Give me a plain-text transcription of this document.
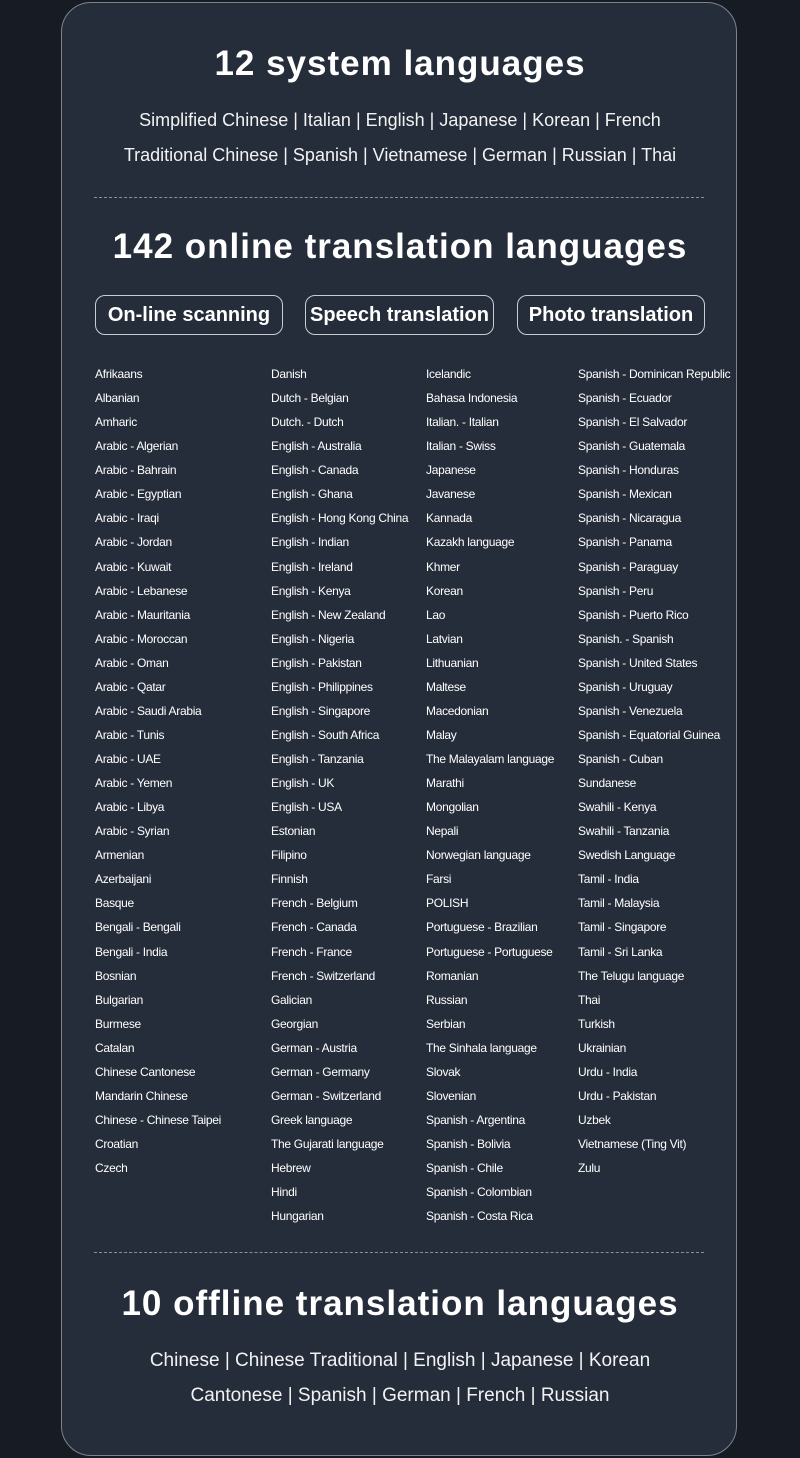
12 system languages
Simplified Chinese | Italian | English | Japanese | Korean | French
Traditional Chinese | Spanish | Vietnamese | German | Russian | Thai
142 online translation languages
On-line scanning	Speech translation	Photo translation
Afrikaans
Albanian
Amharic
Arabic - Algerian
Arabic - Bahrain
Arabic - Egyptian
Arabic - Iraqi
Arabic - Jordan
Arabic - Kuwait
Arabic - Lebanese
Arabic - Mauritania
Arabic - Moroccan
Arabic - Oman
Arabic - Qatar
Arabic - Saudi Arabia
Arabic - Tunis
Arabic - UAE
Arabic - Yemen
Arabic - Libya
Arabic - Syrian
Armenian
Azerbaijani
Basque
Bengali - Bengali
Bengali - India
Bosnian
Bulgarian
Burmese
Catalan
Chinese Cantonese
Mandarin Chinese
Chinese - Chinese Taipei
Croatian
Czech
Danish
Dutch - Belgian
Dutch. - Dutch
English - Australia
English - Canada
English - Ghana
English - Hong Kong China
English - Indian
English - Ireland
English - Kenya
English - New Zealand
English - Nigeria
English - Pakistan
English - Philippines
English - Singapore
English - South Africa
English - Tanzania
English - UK
English - USA
Estonian
Filipino
Finnish
French - Belgium
French - Canada
French - France
French - Switzerland
Galician
Georgian
German - Austria
German - Germany
German - Switzerland
Greek language
The Gujarati language
Hebrew
Hindi
Hungarian
Icelandic
Bahasa Indonesia
Italian. - Italian
Italian - Swiss
Japanese
Javanese
Kannada
Kazakh language
Khmer
Korean
Lao
Latvian
Lithuanian
Maltese
Macedonian
Malay
The Malayalam language
Marathi
Mongolian
Nepali
Norwegian language
Farsi
POLISH
Portuguese - Brazilian
Portuguese - Portuguese
Romanian
Russian
Serbian
The Sinhala language
Slovak
Slovenian
Spanish - Argentina
Spanish - Bolivia
Spanish - Chile
Spanish - Colombian
Spanish - Costa Rica
Spanish - Dominican Republic
Spanish - Ecuador
Spanish - El Salvador
Spanish - Guatemala
Spanish - Honduras
Spanish - Mexican
Spanish - Nicaragua
Spanish - Panama
Spanish - Paraguay
Spanish - Peru
Spanish - Puerto Rico
Spanish. - Spanish
Spanish - United States
Spanish - Uruguay
Spanish - Venezuela
Spanish - Equatorial Guinea
Spanish - Cuban
Sundanese
Swahili - Kenya
Swahili - Tanzania
Swedish Language
Tamil - India
Tamil - Malaysia
Tamil - Singapore
Tamil - Sri Lanka
The Telugu language
Thai
Turkish
Ukrainian
Urdu - India
Urdu - Pakistan
Uzbek
Vietnamese (Ting Vit)
Zulu
10 offline translation languages
Chinese | Chinese Traditional | English | Japanese | Korean
Cantonese | Spanish | German | French | Russian
